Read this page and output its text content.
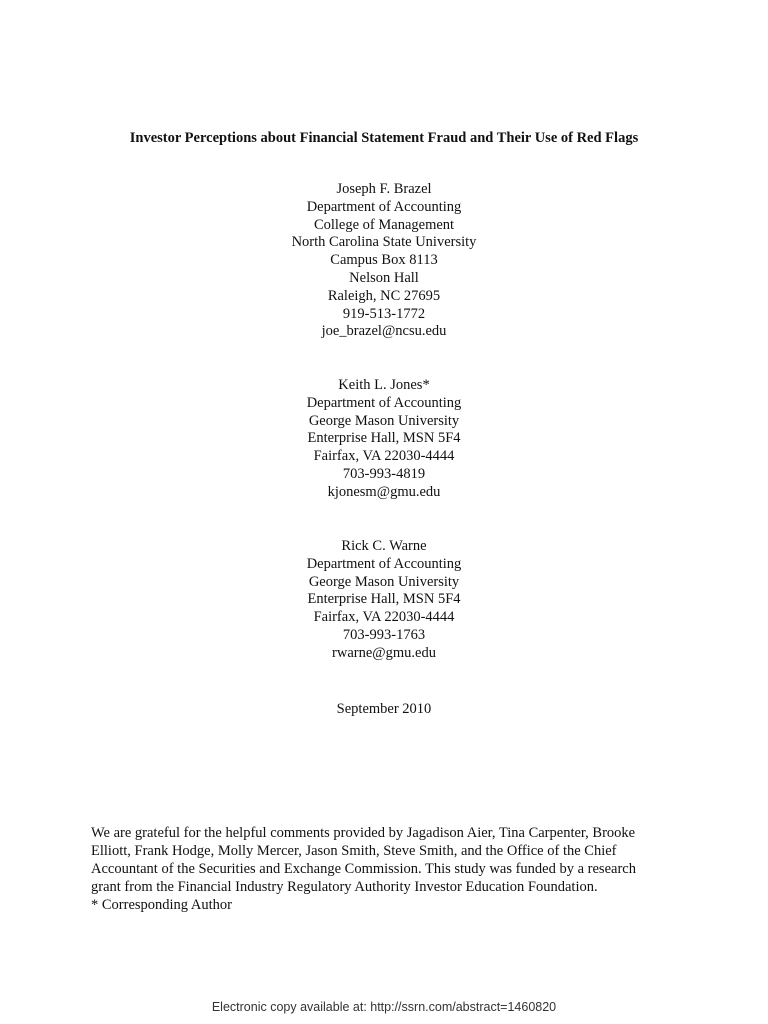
Investor Perceptions about Financial Statement Fraud and Their Use of Red Flags
Joseph F. Brazel
Department of Accounting
College of Management
North Carolina State University
Campus Box 8113
Nelson Hall
Raleigh, NC 27695
919-513-1772
joe_brazel@ncsu.edu
Keith L. Jones*
Department of Accounting
George Mason University
Enterprise Hall, MSN 5F4
Fairfax, VA 22030-4444
703-993-4819
kjonesm@gmu.edu
Rick C. Warne
Department of Accounting
George Mason University
Enterprise Hall, MSN 5F4
Fairfax, VA 22030-4444
703-993-1763
rwarne@gmu.edu
September 2010
We are grateful for the helpful comments provided by Jagadison Aier, Tina Carpenter, Brooke
Elliott, Frank Hodge, Molly Mercer, Jason Smith, Steve Smith, and the Office of the Chief
Accountant of the Securities and Exchange Commission. This study was funded by a research
grant from the Financial Industry Regulatory Authority Investor Education Foundation.
* Corresponding Author
Electronic copy available at: http://ssrn.com/abstract=1460820
